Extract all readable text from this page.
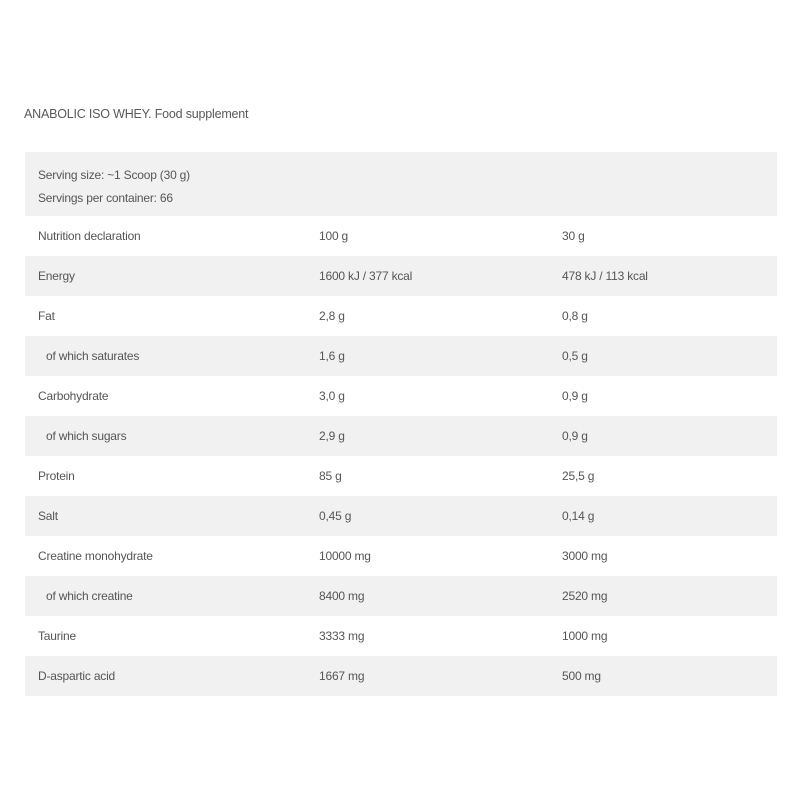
ANABOLIC ISO WHEY. Food supplement
Serving size: ~1 Scoop (30 g)
Servings per container: 66
Nutrition declaration	100 g	30 g
Energy	1600 kJ / 377 kcal	478 kJ / 113 kcal
Fat	2,8 g	0,8 g
of which saturates	1,6 g	0,5 g
Carbohydrate	3,0 g	0,9 g
of which sugars	2,9 g	0,9 g
Protein	85 g	25,5 g
Salt	0,45 g	0,14 g
Creatine monohydrate	10000 mg	3000 mg
of which creatine	8400 mg	2520 mg
Taurine	3333 mg	1000 mg
D-aspartic acid	1667 mg	500 mg
